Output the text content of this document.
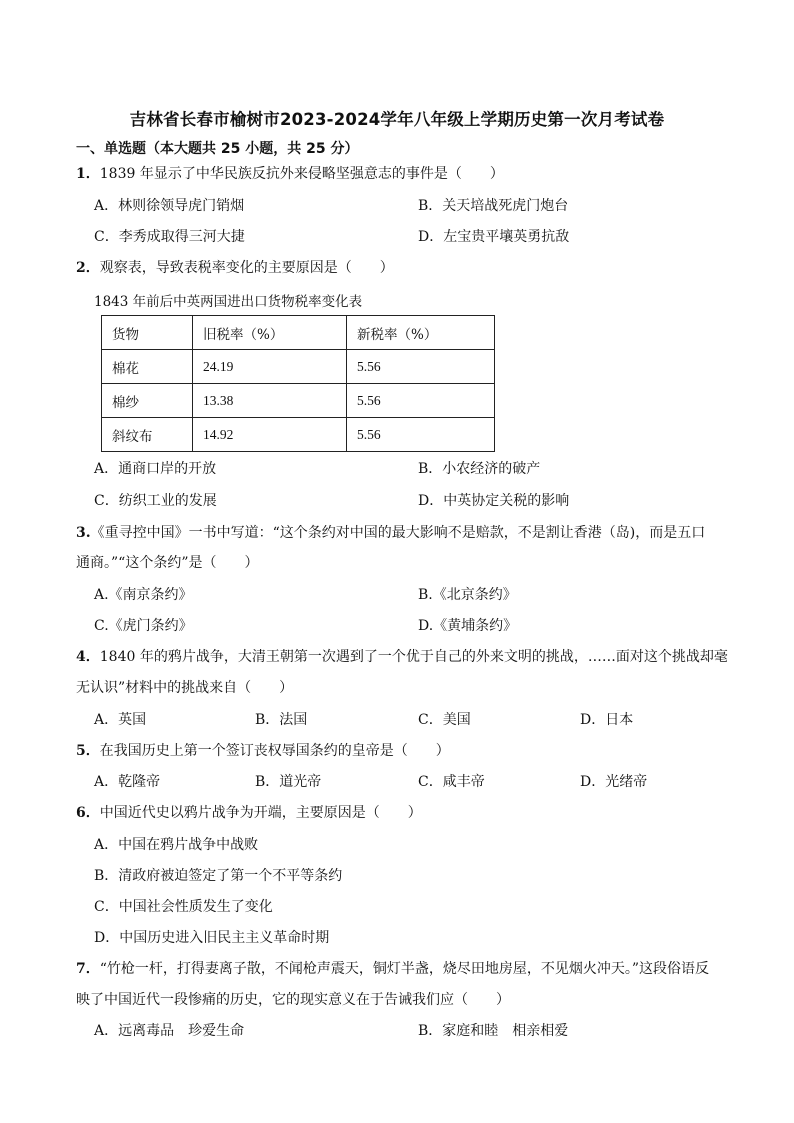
吉林省长春市榆树市2023-2024学年八年级上学期历史第一次月考试卷
一、单选题（本大题共 25 小题，共 25 分）
1．1839 年显示了中华民族反抗外来侵略坚强意志的事件是（　　）
A．林则徐领导虎门销烟	B．关天培战死虎门炮台
C．李秀成取得三河大捷	D．左宝贵平壤英勇抗敌
2．观察表，导致表税率变化的主要原因是（　　）
1843 年前后中英两国进出口货物税率变化表
货物	旧税率（%）	新税率（%）
棉花	24.19	5.56
棉纱	13.38	5.56
斜纹布	14.92	5.56
A．通商口岸的开放	B．小农经济的破产
C．纺织工业的发展	D．中英协定关税的影响
3.《重寻控中国》一书中写道：“这个条约对中国的最大影响不是赔款，不是割让香港（岛)，而是五口
通商。”“这个条约”是（　　）
A.《南京条约》	B.《北京条约》
C.《虎门条约》	D.《黄埔条约》
4．1840 年的鸦片战争，大清王朝第一次遇到了一个优于自己的外来文明的挑战，……面对这个挑战却毫
无认识”材料中的挑战来自（　　）
A．英国	B．法国	C．美国	D．日本
5．在我国历史上第一个签订丧权辱国条约的皇帝是（　　）
A．乾隆帝	B．道光帝	C．咸丰帝	D．光绪帝
6．中国近代史以鸦片战争为开端，主要原因是（　　）
A．中国在鸦片战争中战败
B．清政府被迫签定了第一个不平等条约
C．中国社会性质发生了变化
D．中国历史进入旧民主主义革命时期
7．“竹枪一杆，打得妻离子散，不闻枪声震天，铜灯半盏，烧尽田地房屋，不见烟火冲天。”这段俗语反
映了中国近代一段惨痛的历史，它的现实意义在于告诫我们应（　　）
A．远离毒品　珍爱生命	B．家庭和睦　相亲相爱
